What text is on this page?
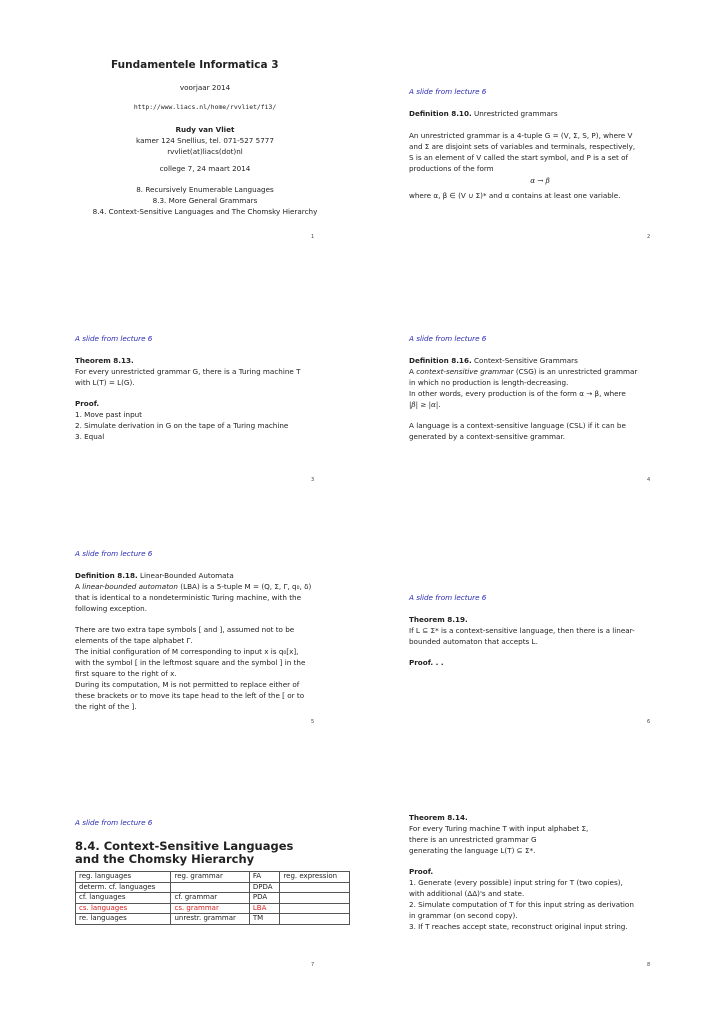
Fundamentele Informatica 3
voorjaar 2014
http://www.liacs.nl/home/rvvliet/fi3/
Rudy van Vliet
kamer 124 Snellius, tel. 071-527 5777
rvvliet(at)liacs(dot)nl
college 7, 24 maart 2014
8. Recursively Enumerable Languages
8.3. More General Grammars
8.4. Context-Sensitive Languages and The Chomsky Hierarchy
1
A slide from lecture 6
Definition 8.10. Unrestricted grammars

An unrestricted grammar is a 4-tuple G = (V, Σ, S, P), where V

and Σ are disjoint sets of variables and terminals, respectively,

S is an element of V called the start symbol, and P is a set of

productions of the form

α → β

where α, β ∈ (V ∪ Σ)* and α contains at least one variable.

2
A slide from lecture 6
Theorem 8.13.

For every unrestricted grammar G, there is a Turing machine T

with L(T) = L(G).

Proof.

1. Move past input

2. Simulate derivation in G on the tape of a Turing machine

3. Equal

3
A slide from lecture 6
Definition 8.16. Context-Sensitive Grammars

A context-sensitive grammar (CSG) is an unrestricted grammar

in which no production is length-decreasing.

In other words, every production is of the form α → β, where

|β| ≥ |α|.

A language is a context-sensitive language (CSL) if it can be

generated by a context-sensitive grammar.

4
A slide from lecture 6
Definition 8.18. Linear-Bounded Automata

A linear-bounded automaton (LBA) is a 5-tuple M = (Q, Σ, Γ, q₀, δ)

that is identical to a nondeterministic Turing machine, with the

following exception.

There are two extra tape symbols [ and ], assumed not to be

elements of the tape alphabet Γ.

The initial configuration of M corresponding to input x is q₀[x],

with the symbol [ in the leftmost square and the symbol ] in the

first square to the right of x.

During its computation, M is not permitted to replace either of

these brackets or to move its tape head to the left of the [ or to

the right of the ].

5
A slide from lecture 6
Theorem 8.19.

If L ⊆ Σ* is a context-sensitive language, then there is a linear-

bounded automaton that accepts L.

Proof. . .
6
A slide from lecture 6
8.4. Context-Sensitive Languages
and the Chomsky Hierarchy
reg. languages	reg. grammar	FA	reg. expression
determ. cf. languages		DPDA	
cf. languages	cf. grammar	PDA	
cs. languages	cs. grammar	LBA	
re. languages	unrestr. grammar	TM	
7
Theorem 8.14.

For every Turing machine T with input alphabet Σ,

there is an unrestricted grammar G

generating the language L(T) ⊆ Σ*.

Proof.

1. Generate (every possible) input string for T (two copies),

with additional (ΔΔ)'s and state.

2. Simulate computation of T for this input string as derivation

in grammar (on second copy).

3. If T reaches accept state, reconstruct original input string.

8
